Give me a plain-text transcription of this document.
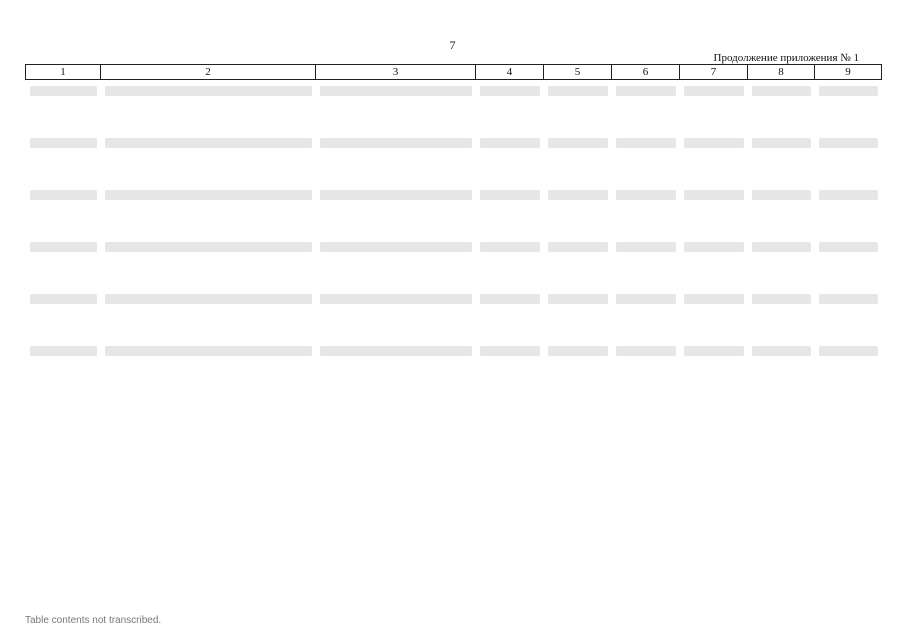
7
Продолжение приложения № 1
1	2	3	4	5	6	7	8	9

Table contents not transcribed.
